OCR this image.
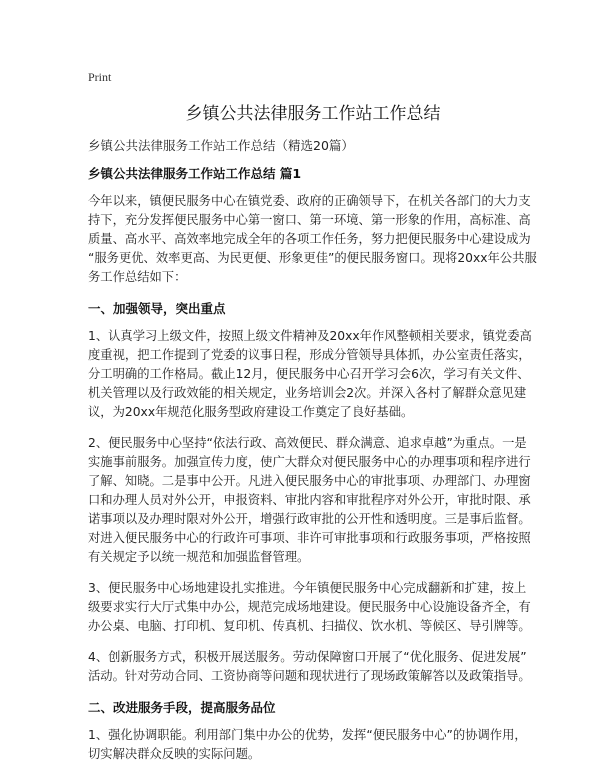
Print
乡镇公共法律服务工作站工作总结
乡镇公共法律服务工作站工作总结（精选20篇）
乡镇公共法律服务工作站工作总结 篇1
今年以来，镇便民服务中心在镇党委、政府的正确领导下，在机关各部门的大力支
持下，充分发挥便民服务中心第一窗口、第一环境、第一形象的作用，高标准、高
质量、高水平、高效率地完成全年的各项工作任务，努力把便民服务中心建设成为
“服务更优、效率更高、为民更便、形象更佳”的便民服务窗口。现将20xx年公共服
务工作总结如下：
一、加强领导，突出重点
1、认真学习上级文件，按照上级文件精神及20xx年作风整顿相关要求，镇党委高
度重视，把工作提到了党委的议事日程，形成分管领导具体抓，办公室责任落实，
分工明确的工作格局。截止12月，便民服务中心召开学习会6次，学习有关文件、
机关管理以及行政效能的相关规定，业务培训会2次。并深入各村了解群众意见建
议，为20xx年规范化服务型政府建设工作奠定了良好基础。
2、便民服务中心坚持“依法行政、高效便民、群众满意、追求卓越”为重点。一是
实施事前服务。加强宣传力度，使广大群众对便民服务中心的办理事项和程序进行
了解、知晓。二是事中公开。凡进入便民服务中心的审批事项、办理部门、办理窗
口和办理人员对外公开，申报资料、审批内容和审批程序对外公开，审批时限、承
诺事项以及办理时限对外公开，增强行政审批的公开性和透明度。三是事后监督。
对进入便民服务中心的行政许可事项、非许可审批事项和行政服务事项，严格按照
有关规定予以统一规范和加强监督管理。
3、便民服务中心场地建设扎实推进。今年镇便民服务中心完成翻新和扩建，按上
级要求实行大厅式集中办公，规范完成场地建设。便民服务中心设施设备齐全，有
办公桌、电脑、打印机、复印机、传真机、扫描仪、饮水机、等候区、导引牌等。
4、创新服务方式，积极开展送服务。劳动保障窗口开展了“优化服务、促进发展”
活动。针对劳动合同、工资协商等问题和现状进行了现场政策解答以及政策指导。
二、改进服务手段，提高服务品位
1、强化协调职能。利用部门集中办公的优势，发挥“便民服务中心”的协调作用，
切实解决群众反映的实际问题。
